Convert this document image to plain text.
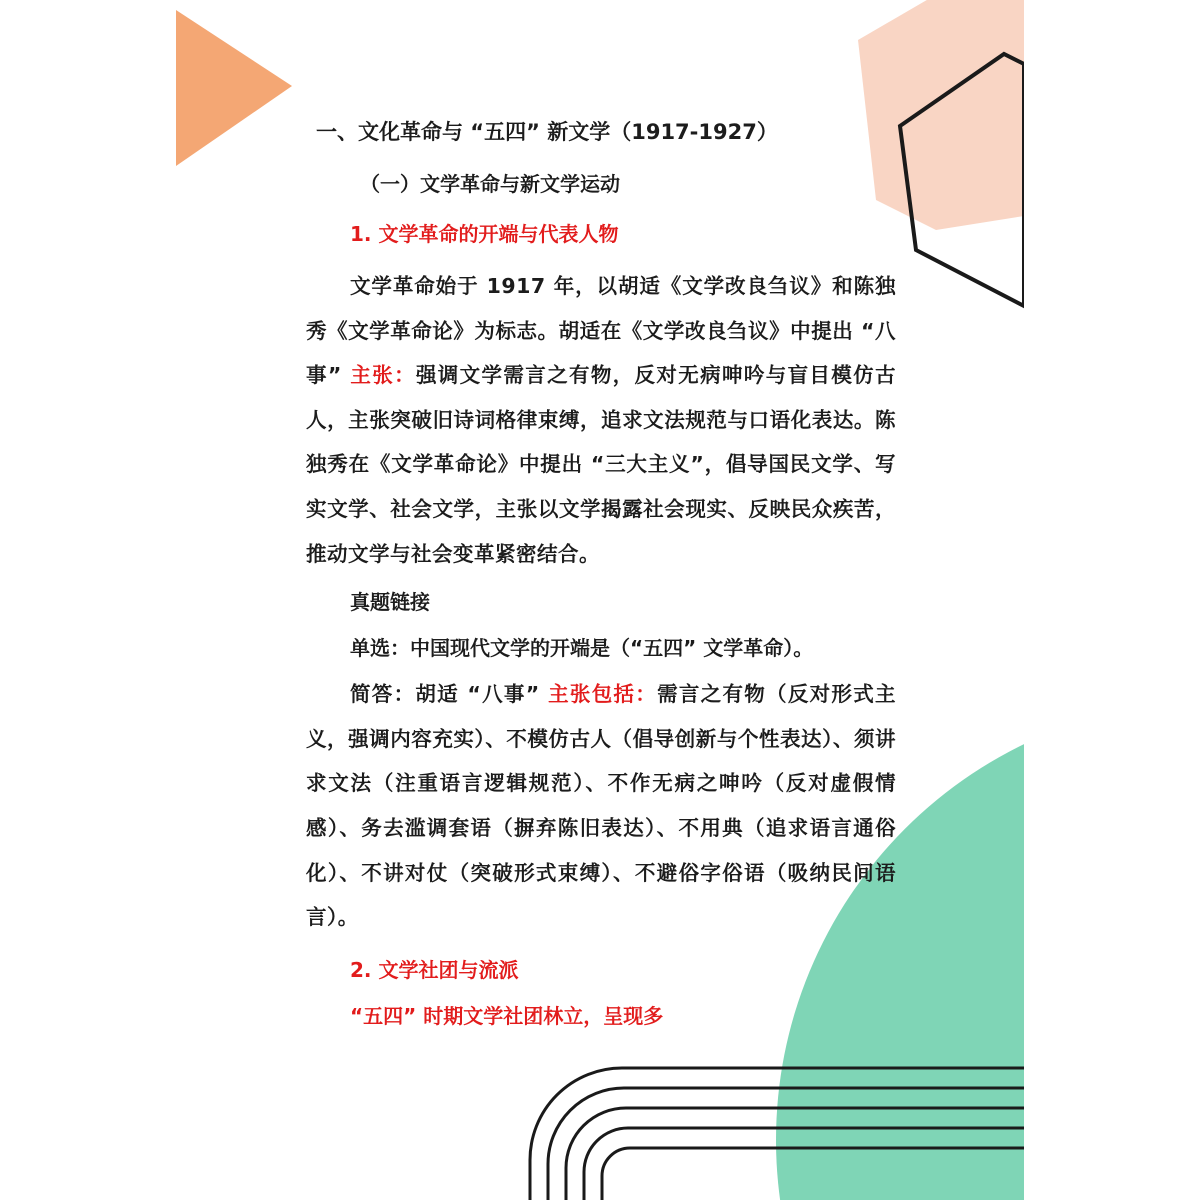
一、文化革命与 “五四” 新文学（1917-1927）
（一）文学革命与新文学运动
1. 文学革命的开端与代表人物
文学革命始于 1917 年，以胡适《文学改良刍议》和陈独秀《文学革命论》为标志。胡适在《文学改良刍议》中提出 “八事” 主张：强调文学需言之有物，反对无病呻吟与盲目模仿古人，主张突破旧诗词格律束缚，追求文法规范与口语化表达。陈独秀在《文学革命论》中提出 “三大主义”，倡导国民文学、写实文学、社会文学，主张以文学揭露社会现实、反映民众疾苦，推动文学与社会变革紧密结合。
真题链接
单选：中国现代文学的开端是（“五四” 文学革命）。
简答：胡适 “八事” 主张包括：需言之有物（反对形式主义，强调内容充实）、不模仿古人（倡导创新与个性表达）、须讲求文法（注重语言逻辑规范）、不作无病之呻吟（反对虚假情感）、务去滥调套语（摒弃陈旧表达）、不用典（追求语言通俗化）、不讲对仗（突破形式束缚）、不避俗字俗语（吸纳民间语言）。
2. 文学社团与流派
“五四” 时期文学社团林立，呈现多
